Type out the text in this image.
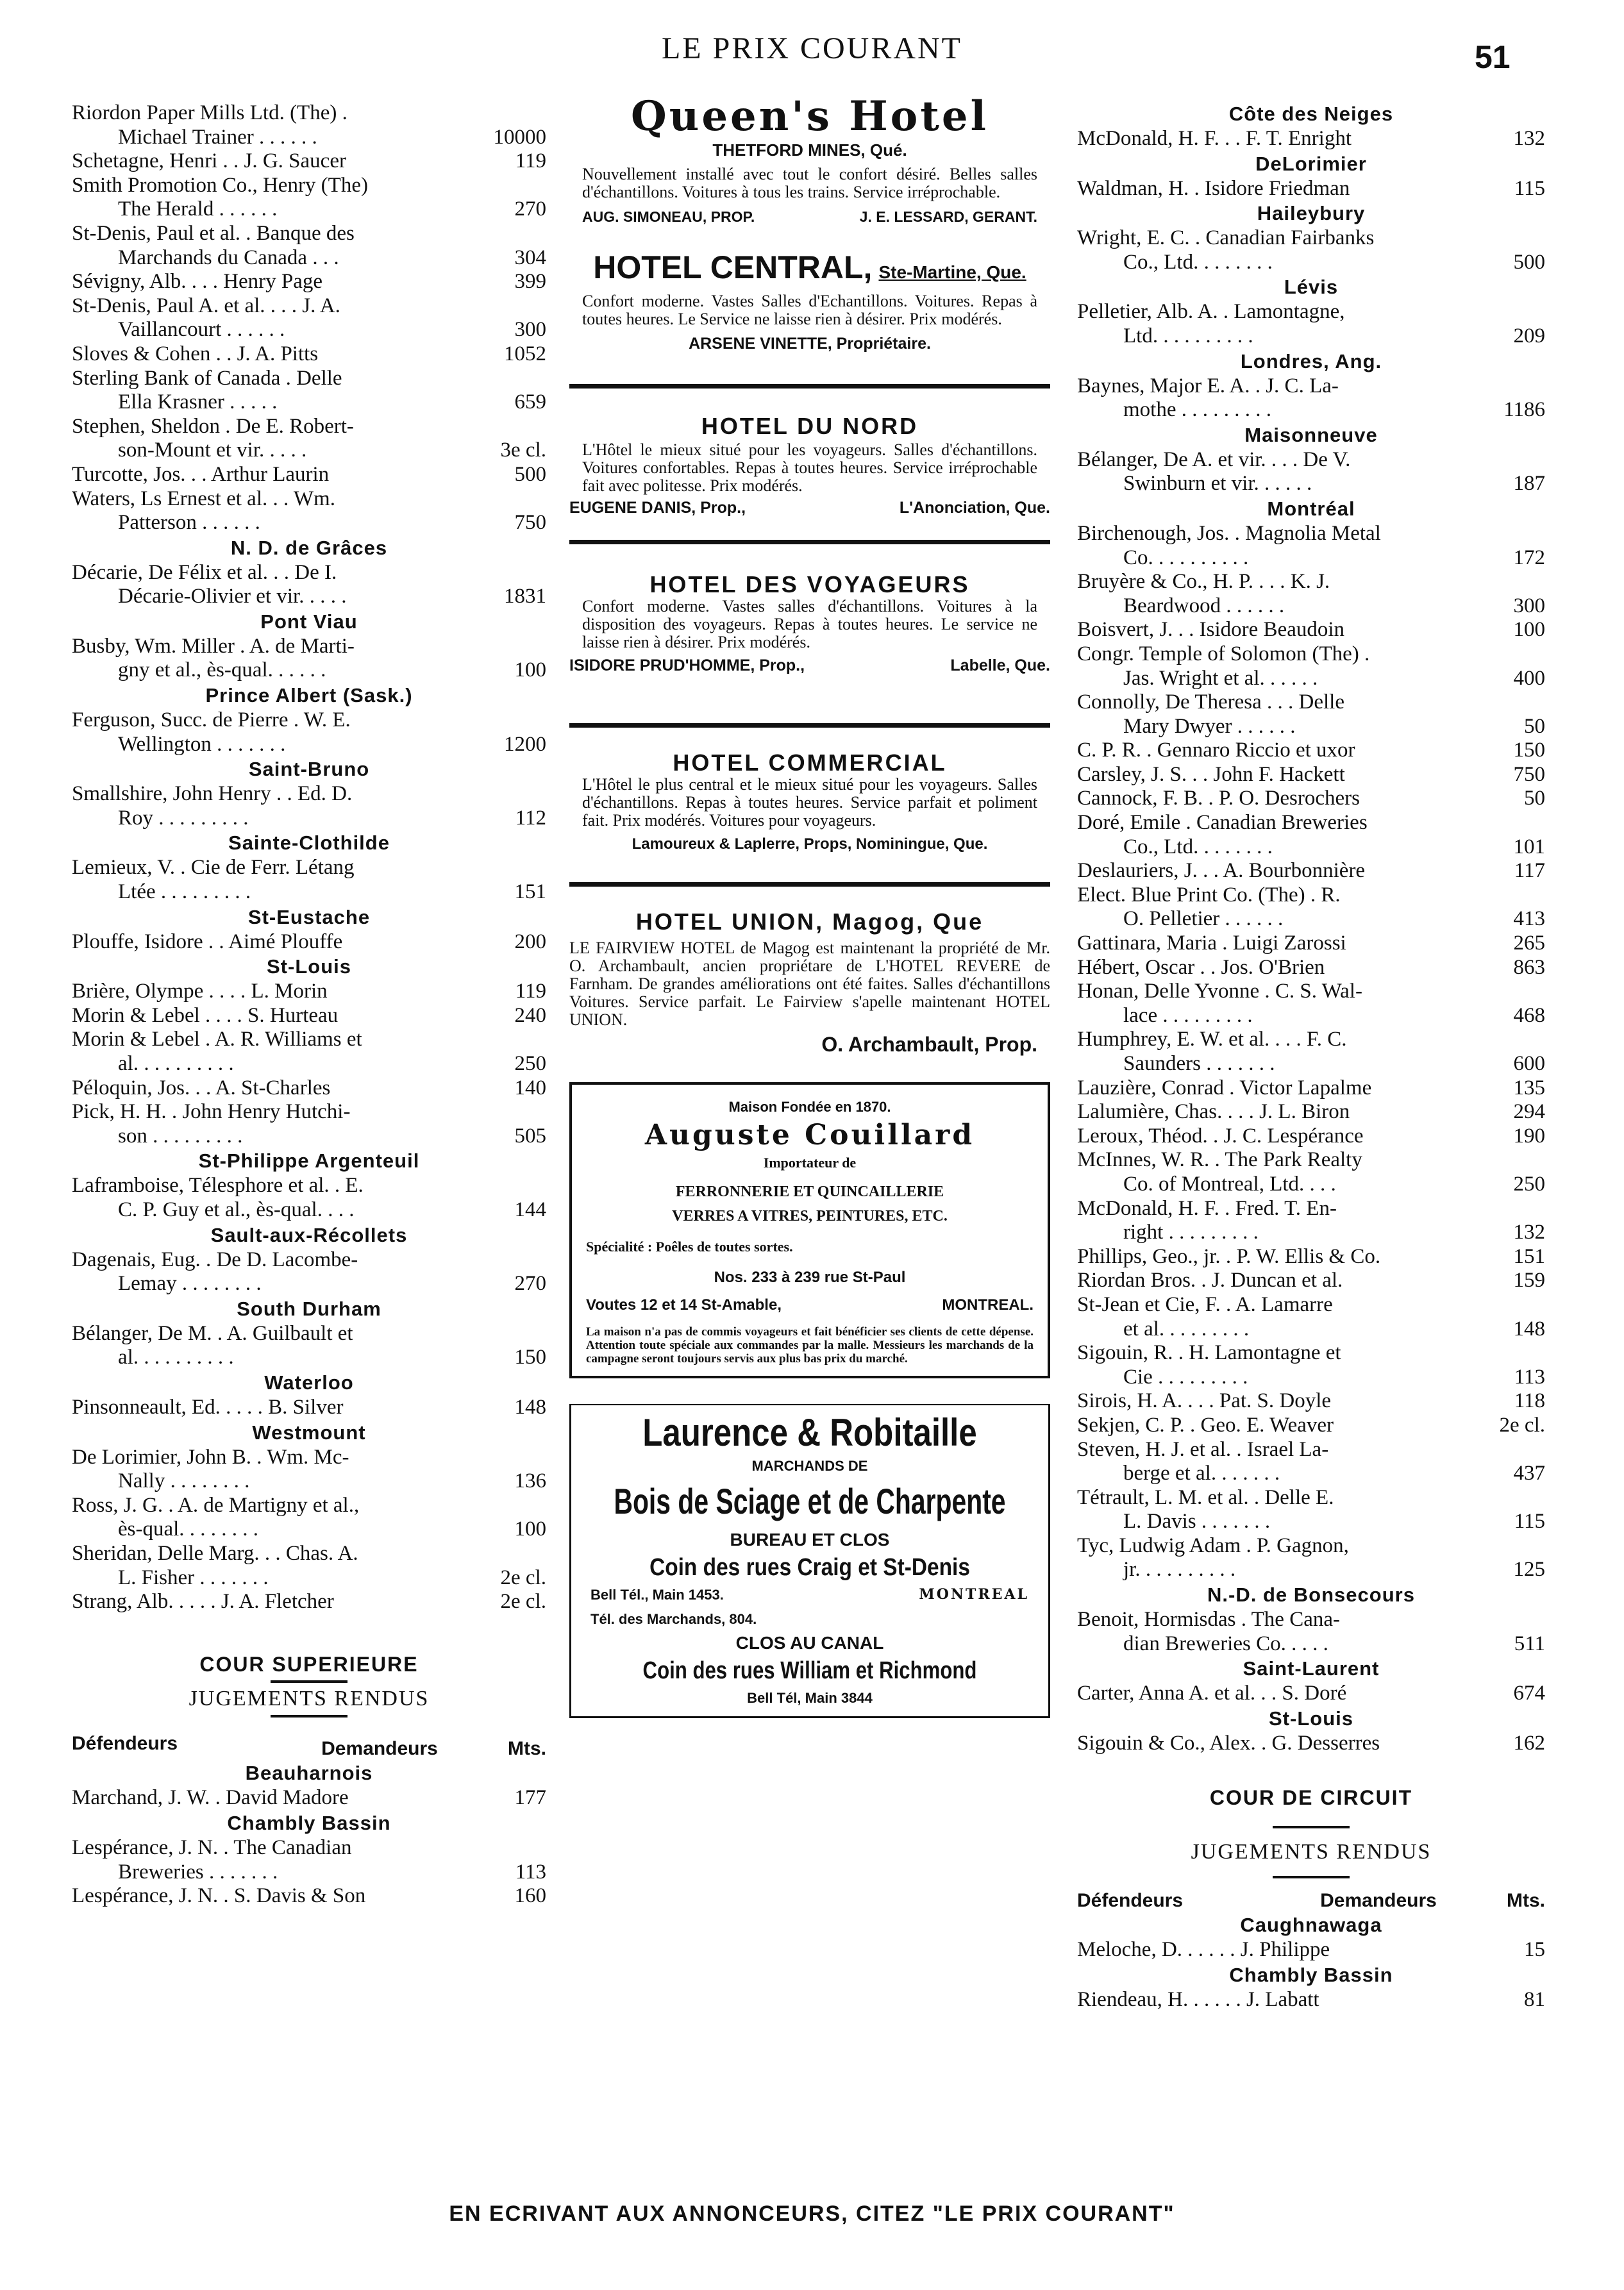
LE PRIX COURANT	51
Riordon Paper Mills Ltd. (The) .
Michael Trainer . . . . . .	10000
Schetagne, Henri . . J. G. Saucer	119
Smith Promotion Co., Henry (The)
The Herald . . . . . .	270
St-Denis, Paul et al. . Banque des
Marchands du Canada . . .	304
Sévigny, Alb. . . . Henry Page	399
St-Denis, Paul A. et al. . . . J. A.
Vaillancourt . . . . . .	300
Sloves & Cohen . . J. A. Pitts	1052
Sterling Bank of Canada . Delle
Ella Krasner . . . . .	659
Stephen, Sheldon . De E. Robert-
son-Mount et vir. . . . .	3e cl.
Turcotte, Jos. . . Arthur Laurin	500
Waters, Ls Ernest et al. . . Wm.
Patterson . . . . . .	750
N. D. de Grâces
Décarie, De Félix et al. . . De I.
Décarie-Olivier et vir. . . . .	1831
Pont Viau
Busby, Wm. Miller . A. de Marti-
gny et al., ès-qual. . . . . .	100
Prince Albert (Sask.)
Ferguson, Succ. de Pierre . W. E.
Wellington . . . . . . .	1200
Saint-Bruno
Smallshire, John Henry . . Ed. D.
Roy . . . . . . . . .	112
Sainte-Clothilde
Lemieux, V. . Cie de Ferr. Létang
Ltée . . . . . . . . .	151
St-Eustache
Plouffe, Isidore . . Aimé Plouffe	200
St-Louis
Brière, Olympe . . . . L. Morin	119
Morin & Lebel . . . . S. Hurteau	240
Morin & Lebel . A. R. Williams et
al. . . . . . . . . .	250
Péloquin, Jos. . . A. St-Charles	140
Pick, H. H. . John Henry Hutchi-
son . . . . . . . . .	505
St-Philippe Argenteuil
Laframboise, Télesphore et al. . E.
C. P. Guy et al., ès-qual. . . .	144
Sault-aux-Récollets
Dagenais, Eug. . De D. Lacombe-
Lemay . . . . . . . .	270
South Durham
Bélanger, De M. . A. Guilbault et
al. . . . . . . . . .	150
Waterloo
Pinsonneault, Ed. . . . . B. Silver	148
Westmount
De Lorimier, John B. . Wm. Mc-
Nally . . . . . . . .	136
Ross, J. G. . A. de Martigny et al.,
ès-qual. . . . . . . .	100
Sheridan, Delle Marg. . . Chas. A.
L. Fisher . . . . . . .	2e cl.
Strang, Alb. . . . . J. A. Fletcher	2e cl.
COUR SUPERIEURE
JUGEMENTS RENDUS
Défendeurs	Demandeurs	Mts.
Beauharnois
Marchand, J. W. . David Madore	177
Chambly Bassin
Lespérance, J. N. . The Canadian
Breweries . . . . . . .	113
Lespérance, J. N. . S. Davis & Son	160
Queen's Hotel
THETFORD MINES, Qué.
Nouvellement installé avec tout le confort désiré. Belles salles d'échantillons. Voitures à tous les trains. Service irréprochable.
AUG. SIMONEAU, PROP.	J. E. LESSARD, GERANT.
HOTEL CENTRAL, Ste-Martine, Que.
Confort moderne. Vastes Salles d'Echantillons. Voitures. Repas à toutes heures. Le Service ne laisse rien à désirer. Prix modérés.
ARSENE VINETTE, Propriétaire.
HOTEL DU NORD
L'Hôtel le mieux situé pour les voyageurs. Salles d'échantillons. Voitures confortables. Repas à toutes heures. Service irréprochable fait avec politesse. Prix modérés.
EUGENE DANIS, Prop.,	L'Anonciation, Que.
HOTEL DES VOYAGEURS
Confort moderne. Vastes salles d'échantillons. Voitures à la disposition des voyageurs. Repas à toutes heures. Le service ne laisse rien à désirer. Prix modérés.
ISIDORE PRUD'HOMME, Prop.,	Labelle, Que.
HOTEL COMMERCIAL
L'Hôtel le plus central et le mieux situé pour les voyageurs. Salles d'échantillons. Repas à toutes heures. Service parfait et poliment fait. Prix modérés. Voitures pour voyageurs.
Lamoureux & Laplerre, Props, Nominingue, Que.
HOTEL UNION, Magog, Que
LE FAIRVIEW HOTEL de Magog est maintenant la propriété de Mr. O. Archambault, ancien propriétare de L'HOTEL REVERE de Farnham. De grandes améliorations ont été faites. Salles d'échantillons Voitures. Service parfait. Le Fairview s'apelle maintenant HOTEL UNION.
O. Archambault, Prop.
Maison Fondée en 1870.
Auguste Couillard
Importateur de
FERRONNERIE ET QUINCAILLERIE
VERRES A VITRES, PEINTURES, ETC.
Spécialité : Poêles de toutes sortes.
Nos. 233 à 239 rue St-Paul
Voutes 12 et 14 St-Amable,	MONTREAL.
La maison n'a pas de commis voyageurs et fait bénéficier ses clients de cette dépense. Attention toute spéciale aux commandes par la malle. Messieurs les marchands de la campagne seront toujours servis aux plus bas prix du marché.
Laurence & Robitaille
MARCHANDS DE
Bois de Sciage et de Charpente
BUREAU ET CLOS
Coin des rues Craig et St-Denis
Bell Tél., Main 1453.	MONTREAL
Tél. des Marchands, 804.
CLOS AU CANAL
Coin des rues William et Richmond
Bell Tél, Main 3844
Côte des Neiges
McDonald, H. F. . . F. T. Enright	132
DeLorimier
Waldman, H. . Isidore Friedman	115
Haileybury
Wright, E. C. . Canadian Fairbanks
Co., Ltd. . . . . . . .	500
Lévis
Pelletier, Alb. A. . Lamontagne,
Ltd. . . . . . . . . .	209
Londres, Ang.
Baynes, Major E. A. . J. C. La-
mothe . . . . . . . . .	1186
Maisonneuve
Bélanger, De A. et vir. . . . De V.
Swinburn et vir. . . . . .	187
Montréal
Birchenough, Jos. . Magnolia Metal
Co. . . . . . . . . .	172
Bruyère & Co., H. P. . . . K. J.
Beardwood . . . . . .	300
Boisvert, J. . . Isidore Beaudoin	100
Congr. Temple of Solomon (The) .
Jas. Wright et al. . . . . .	400
Connolly, De Theresa . . . Delle
Mary Dwyer . . . . . .	50
C. P. R. . Gennaro Riccio et uxor	150
Carsley, J. S. . . John F. Hackett	750
Cannock, F. B. . P. O. Desrochers	50
Doré, Emile . Canadian Breweries
Co., Ltd. . . . . . . .	101
Deslauriers, J. . . A. Bourbonnière	117
Elect. Blue Print Co. (The) . R.
O. Pelletier . . . . . .	413
Gattinara, Maria . Luigi Zarossi	265
Hébert, Oscar . . Jos. O'Brien	863
Honan, Delle Yvonne . C. S. Wal-
lace . . . . . . . . .	468
Humphrey, E. W. et al. . . . F. C.
Saunders . . . . . . .	600
Lauzière, Conrad . Victor Lapalme	135
Lalumière, Chas. . . . J. L. Biron	294
Leroux, Théod. . J. C. Lespérance	190
McInnes, W. R. . The Park Realty
Co. of Montreal, Ltd. . . .	250
McDonald, H. F. . Fred. T. En-
right . . . . . . . . .	132
Phillips, Geo., jr. . P. W. Ellis & Co.	151
Riordan Bros. . J. Duncan et al.	159
St-Jean et Cie, F. . A. Lamarre
et al. . . . . . . . .	148
Sigouin, R. . H. Lamontagne et
Cie . . . . . . . . .	113
Sirois, H. A. . . . Pat. S. Doyle	118
Sekjen, C. P. . Geo. E. Weaver	2e cl.
Steven, H. J. et al. . Israel La-
berge et al. . . . . . .	437
Tétrault, L. M. et al. . Delle E.
L. Davis . . . . . . .	115
Tyc, Ludwig Adam . P. Gagnon,
jr. . . . . . . . . .	125
N.-D. de Bonsecours
Benoit, Hormisdas . The Cana-
dian Breweries Co. . . . .	511
Saint-Laurent
Carter, Anna A. et al. . . S. Doré	674
St-Louis
Sigouin & Co., Alex. . G. Desserres	162
COUR DE CIRCUIT
JUGEMENTS RENDUS
Défendeurs	Demandeurs	Mts.
Caughnawaga
Meloche, D. . . . . . J. Philippe	15
Chambly Bassin
Riendeau, H. . . . . . J. Labatt	81
EN ECRIVANT AUX ANNONCEURS, CITEZ "LE PRIX COURANT"
